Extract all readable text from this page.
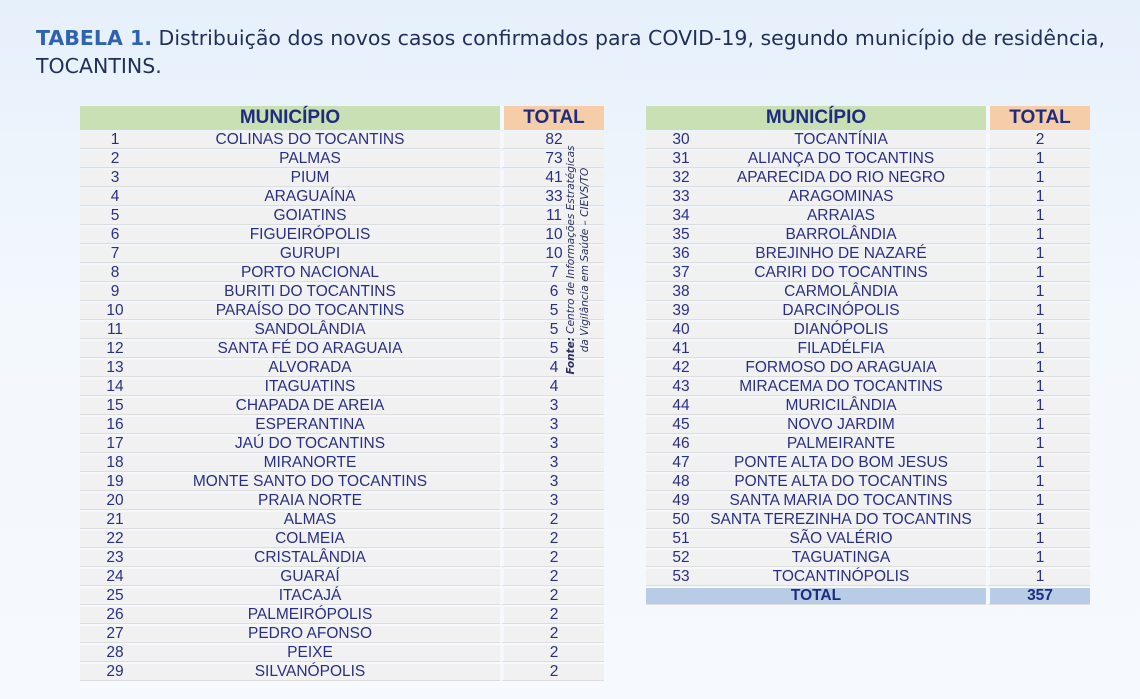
TABELA 1. Distribuição dos novos casos confirmados para COVID-19, segundo município de residência, TOCANTINS.
MUNICÍPIO		TOTAL
1	COLINAS DO TOCANTINS	82
2	PALMAS	73
3	PIUM	41
4	ARAGUAÍNA	33
5	GOIATINS	11
6	FIGUEIRÓPOLIS	10
7	GURUPI	10
8	PORTO NACIONAL	7
9	BURITI DO TOCANTINS	6
10	PARAÍSO DO TOCANTINS	5
11	SANDOLÂNDIA	5
12	SANTA FÉ DO ARAGUAIA	5
13	ALVORADA	4
14	ITAGUATINS	4
15	CHAPADA DE AREIA	3
16	ESPERANTINA	3
17	JAÚ DO TOCANTINS	3
18	MIRANORTE	3
19	MONTE SANTO DO TOCANTINS	3
20	PRAIA NORTE	3
21	ALMAS	2
22	COLMEIA	2
23	CRISTALÂNDIA	2
24	GUARAÍ	2
25	ITACAJÁ	2
26	PALMEIRÓPOLIS	2
27	PEDRO AFONSO	2
28	PEIXE	2
29	SILVANÓPOLIS	2
Fonte: Centro de Informações Estratégicas da Vigilância em Saúde – CIEVS/TO
MUNICÍPIO		TOTAL
30	TOCANTÍNIA	2
31	ALIANÇA DO TOCANTINS	1
32	APARECIDA DO RIO NEGRO	1
33	ARAGOMINAS	1
34	ARRAIAS	1
35	BARROLÂNDIA	1
36	BREJINHO DE NAZARÉ	1
37	CARIRI DO TOCANTINS	1
38	CARMOLÂNDIA	1
39	DARCINÓPOLIS	1
40	DIANÓPOLIS	1
41	FILADÉLFIA	1
42	FORMOSO DO ARAGUAIA	1
43	MIRACEMA DO TOCANTINS	1
44	MURICILÂNDIA	1
45	NOVO JARDIM	1
46	PALMEIRANTE	1
47	PONTE ALTA DO BOM JESUS	1
48	PONTE ALTA DO TOCANTINS	1
49	SANTA MARIA DO TOCANTINS	1
50	SANTA TEREZINHA DO TOCANTINS	1
51	SÃO VALÉRIO	1
52	TAGUATINGA	1
53	TOCANTINÓPOLIS	1
TOTAL		357
